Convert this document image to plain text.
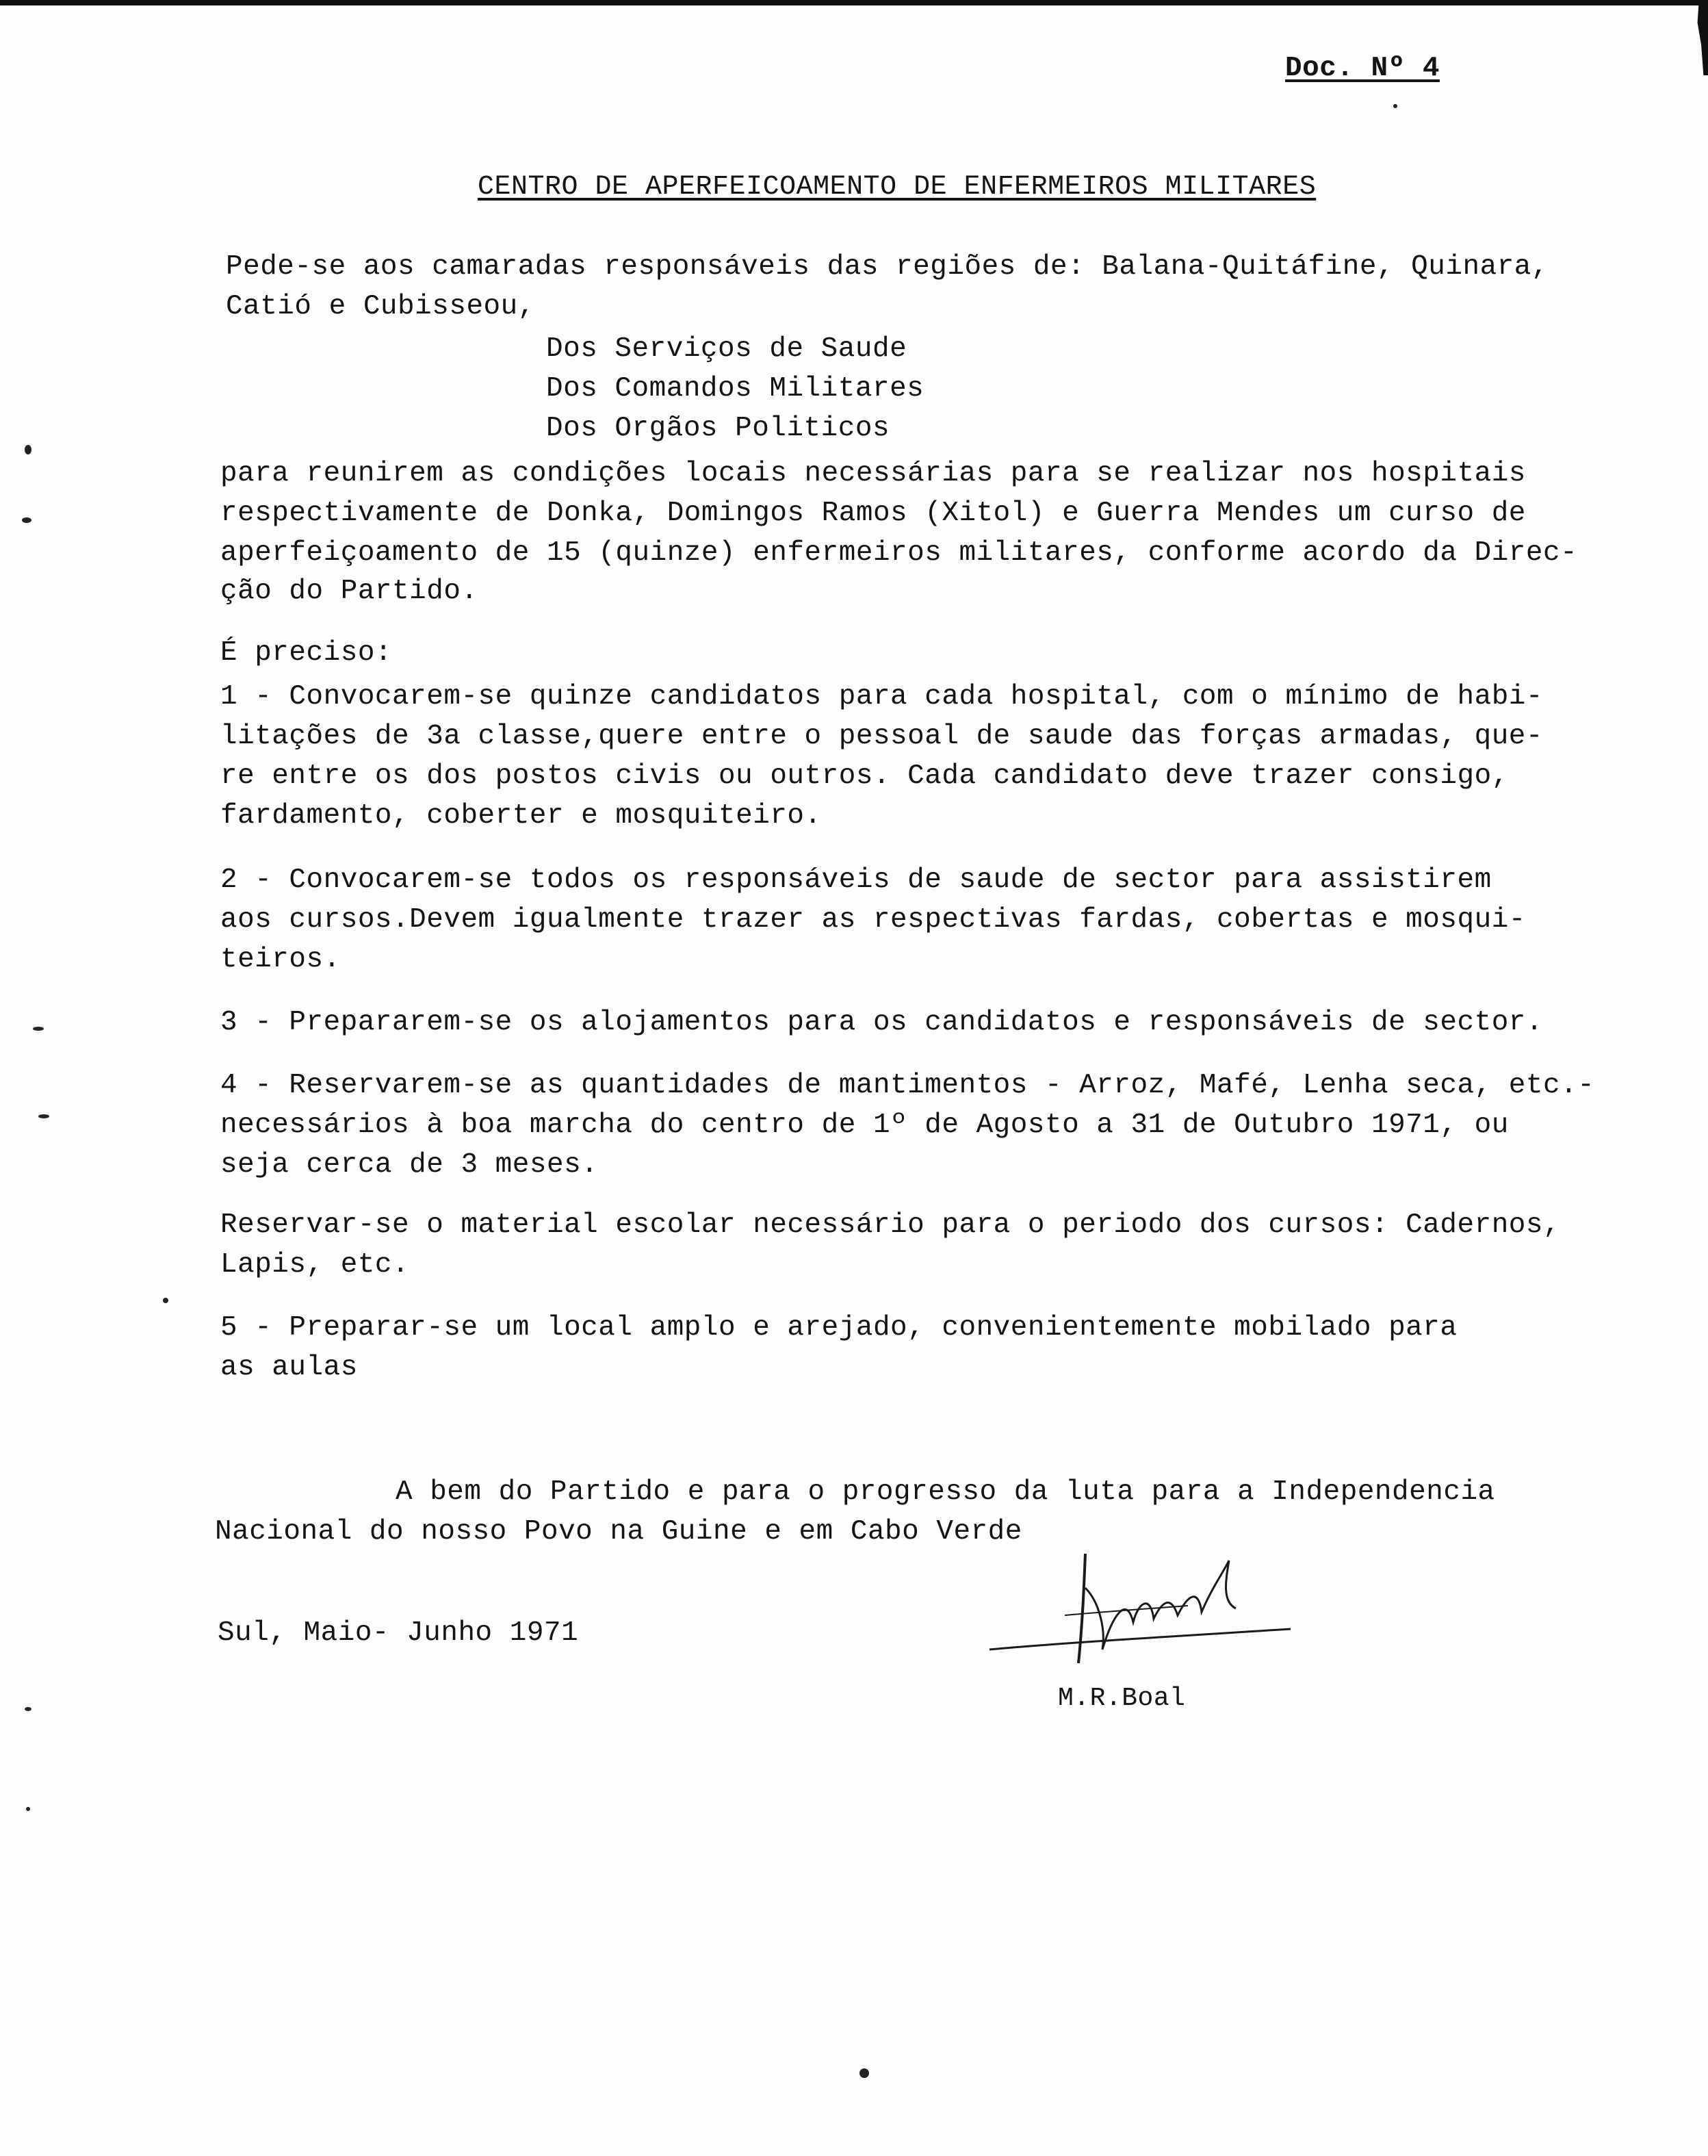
Doc. Nº 4
CENTRO DE APERFEICOAMENTO DE ENFERMEIROS MILITARES
Pede-se aos camaradas responsáveis das regiões de: Balana-Quitáfine, Quinara,
Catió e Cubisseou,
Dos Serviços de Saude
Dos Comandos Militares
Dos Orgãos Politicos
para reunirem as condições locais necessárias para se realizar nos hospitais
respectivamente de Donka, Domingos Ramos (Xitol) e Guerra Mendes um curso de
aperfeiçoamento de 15 (quinze) enfermeiros militares, conforme acordo da Direc-
ção do Partido.
É preciso:
1 - Convocarem-se quinze candidatos para cada hospital, com o mínimo de habi-
litações de 3a classe,quere entre o pessoal de saude das forças armadas, que-
re entre os dos postos civis ou outros. Cada candidato deve trazer consigo,
fardamento, coberter e mosquiteiro.
2 - Convocarem-se todos os responsáveis de saude de sector para assistirem
aos cursos.Devem igualmente trazer as respectivas fardas, cobertas e mosqui-
teiros.
3 - Prepararem-se os alojamentos para os candidatos e responsáveis de sector.
4 - Reservarem-se as quantidades de mantimentos - Arroz, Mafé, Lenha seca, etc.-
necessários à boa marcha do centro de 1º de Agosto a 31 de Outubro 1971, ou
seja cerca de 3 meses.
Reservar-se o material escolar necessário para o periodo dos cursos: Cadernos,
Lapis, etc.
5 - Preparar-se um local amplo e arejado, convenientemente mobilado para
as aulas
A bem do Partido e para o progresso da luta para a Independencia
Nacional do nosso Povo na Guine e em Cabo Verde
Sul, Maio- Junho 1971
M.R.Boal
